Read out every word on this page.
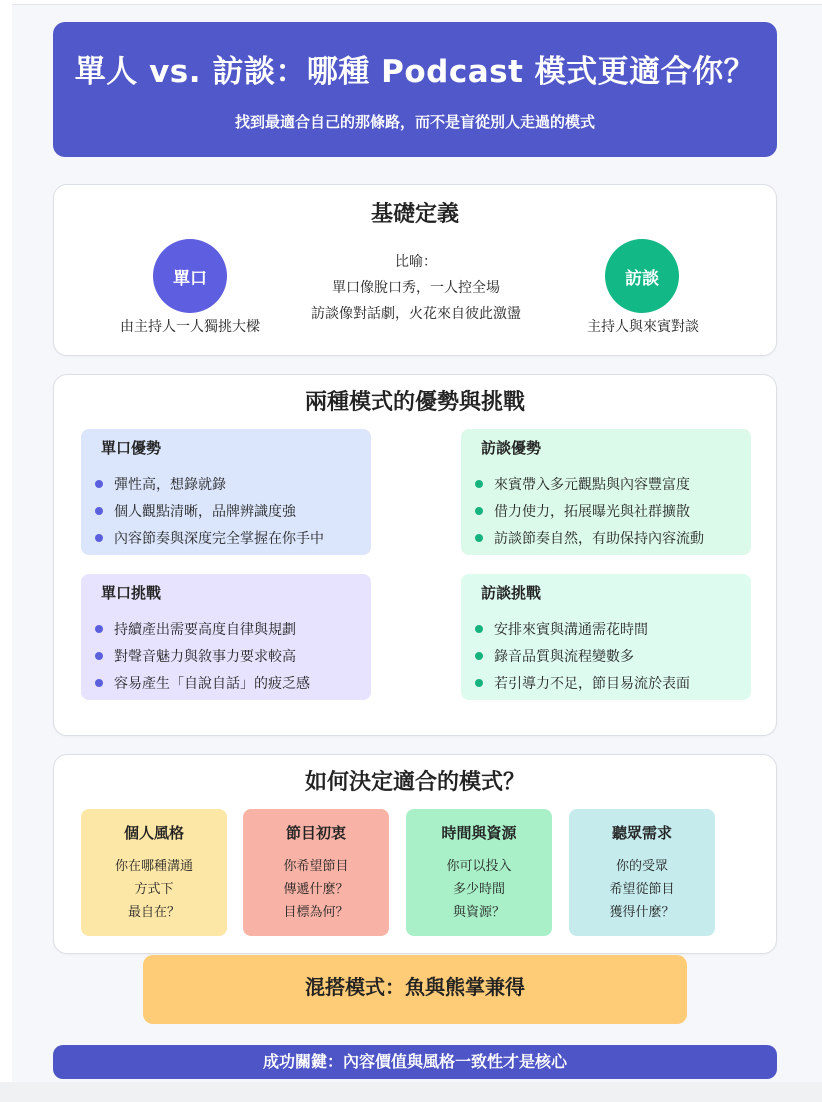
單人 vs. 訪談：哪種 Podcast 模式更適合你？
找到最適合自己的那條路，而不是盲從別人走過的模式
基礎定義
單口
由主持人一人獨挑大樑
比喻：
單口像脫口秀，一人控全場
訪談像對話劇，火花來自彼此激盪
訪談
主持人與來賓對談
兩種模式的優勢與挑戰
單口優勢
彈性高，想錄就錄
個人觀點清晰，品牌辨識度強
內容節奏與深度完全掌握在你手中
訪談優勢
來賓帶入多元觀點與內容豐富度
借力使力，拓展曝光與社群擴散
訪談節奏自然，有助保持內容流動
單口挑戰
持續產出需要高度自律與規劃
對聲音魅力與敘事力要求較高
容易產生「自說自話」的疲乏感
訪談挑戰
安排來賓與溝通需花時間
錄音品質與流程變數多
若引導力不足，節目易流於表面
如何決定適合的模式？
個人風格
你在哪種溝通
方式下
最自在？
節目初衷
你希望節目
傳遞什麼？
目標為何？
時間與資源
你可以投入
多少時間
與資源？
聽眾需求
你的受眾
希望從節目
獲得什麼？
混搭模式：魚與熊掌兼得
成功關鍵：內容價值與風格一致性才是核心
